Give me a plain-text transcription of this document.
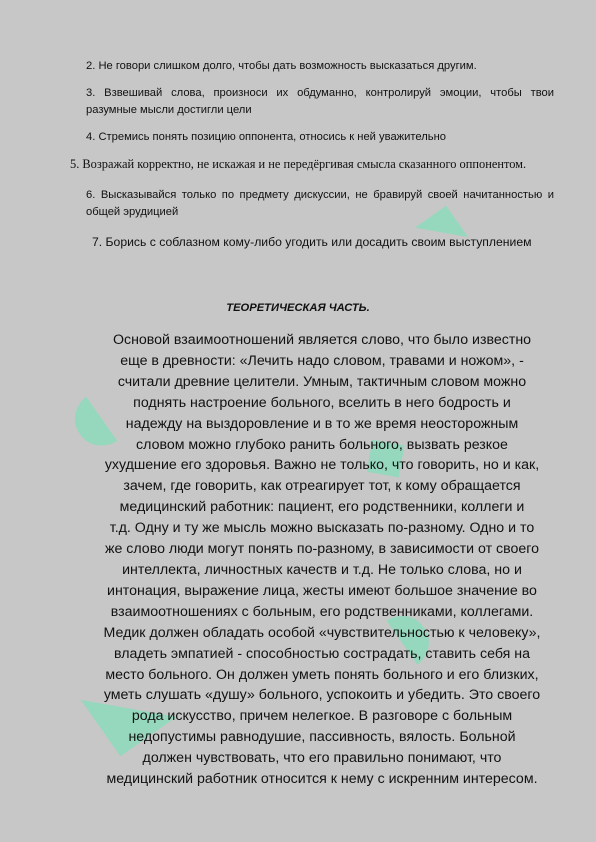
◖
◣
◆
◗
◥
2. Не говори слишком долго, чтобы дать возможность высказаться другим.
3. Взвешивай слова, произноси их обдуманно, контролируй эмоции, чтобы твои разумные мысли достигли цели
4. Стремись понять позицию оппонента, относись к ней уважительно
5. Возражай корректно, не искажая и не передёргивая смысла сказанного оппонентом.
6. Высказывайся только по предмету дискуссии, не бравируй своей начитанностью и общей эрудицией
7. Борись с соблазном кому-либо угодить или досадить своим выступлением
ТЕОРЕТИЧЕСКАЯ ЧАСТЬ.
Основой взаимоотношений является слово, что было известно
еще в древности: «Лечить надо словом, травами и ножом», -
считали древние целители. Умным, тактичным словом можно
поднять настроение больного, вселить в него бодрость и
надежду на выздоровление и в то же время неосторожным
словом можно глубоко ранить больного, вызвать резкое
ухудшение его здоровья. Важно не только, что говорить, но и как,
зачем, где говорить, как отреагирует тот, к кому обращается
медицинский работник: пациент, его родственники, коллеги и
т.д. Одну и ту же мысль можно высказать по-разному. Одно и то
же слово люди могут понять по-разному, в зависимости от своего
интеллекта, личностных качеств и т.д. Не только слова, но и
интонация, выражение лица, жесты имеют большое значение во
взаимоотношениях с больным, его родственниками, коллегами.
Медик должен обладать особой «чувствительностью к человеку»,
владеть эмпатией - способностью сострадать, ставить себя на
место больного. Он должен уметь понять больного и его близких,
уметь слушать «душу» больного, успокоить и убедить. Это своего
рода искусство, причем нелегкое. В разговоре с больным
недопустимы равнодушие, пассивность, вялость. Больной
должен чувствовать, что его правильно понимают, что
медицинский работник относится к нему с искренним интересом.
